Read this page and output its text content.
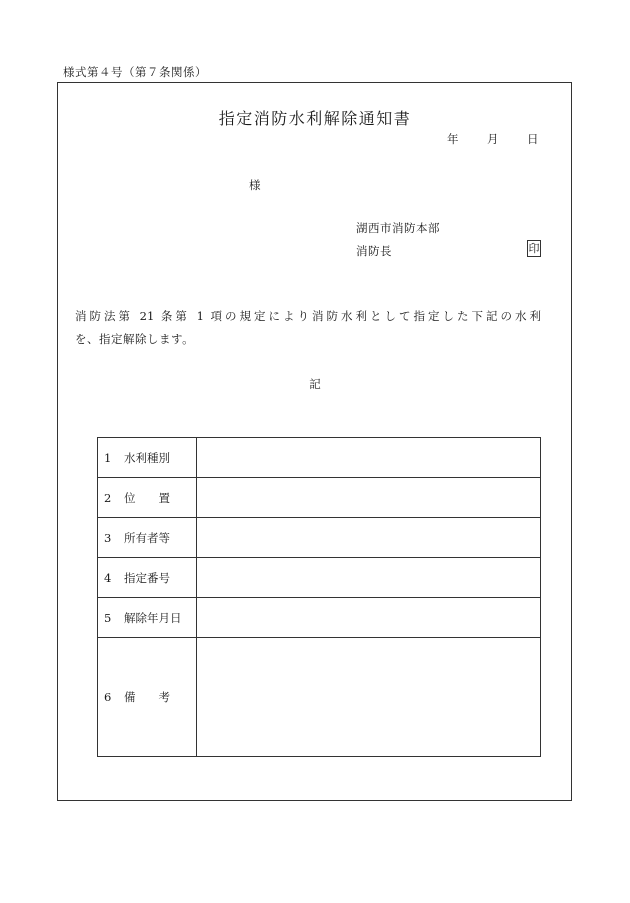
様式第４号（第７条関係）
指定消防水利解除通知書
年 月 日
様
湖西市消防本部
消防長	印
消防法第 21 条第 1 項の規定により消防水利として指定した下記の水利
を、指定解除します。
記
1 水利種別	
2 位　　置	
3 所有者等	
4 指定番号	
5 解除年月日	
6 備　　考	
